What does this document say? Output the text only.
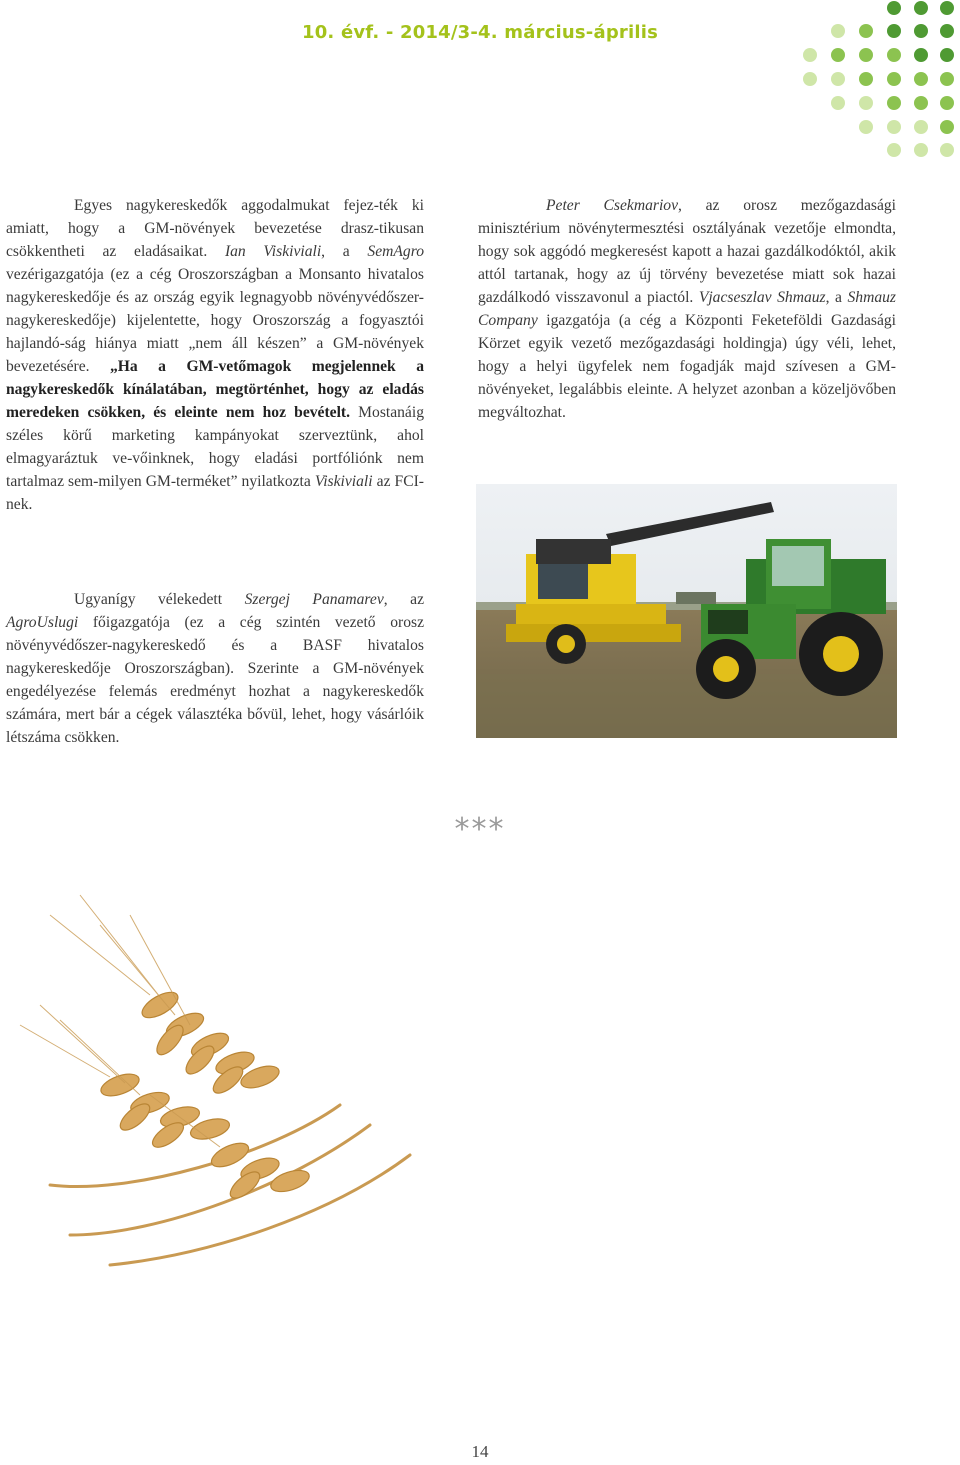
10. évf. - 2014/3-4. március-április

Egyes nagykereskedők aggodalmukat fejez-ték ki amiatt, hogy a GM-növények bevezetése drasz-tikusan csökkentheti az eladásaikat. Ian Viskiviali, a SemAgro vezérigazgatója (ez a cég Oroszországban a Monsanto hivatalos nagykereskedője és az ország egyik legnagyobb növényvédőszer-nagykereskedője) kijelentette, hogy Oroszország a fogyasztói hajlandó-ság hiánya miatt „nem áll készen” a GM-növények bevezetésére. „Ha a GM-vetőmagok megjelennek a nagykereskedők kínálatában, megtörténhet, hogy az eladás meredeken csökken, és eleinte nem hoz bevételt. Mostanáig széles körű marketing kampányokat szerveztünk, ahol elmagyaráztuk ve-vőinknek, hogy eladási portfóliónk nem tartalmaz sem-milyen GM-terméket” nyilatkozta Viskiviali az FCI-nek.

Ugyanígy vélekedett Szergej Panamarev, az AgroUslugi főigazgatója (ez a cég szintén vezető orosz növényvédőszer-nagykereskedő és a BASF hivatalos nagykereskedője Oroszországban). Szerinte a GM-növények engedélyezése felemás eredményt hozhat a nagykereskedők számára, mert bár a cégek választéka bővül, lehet, hogy vásárlóik létszáma csökken.

Peter Csekmariov, az orosz mezőgazdasági minisztérium növénytermesztési osztályának vezetője elmondta, hogy sok aggódó megkeresést kapott a hazai gazdálkodóktól, akik attól tartanak, hogy az új törvény bevezetése miatt sok hazai gazdálkodó visszavonul a piactól. Vjacseszlav Shmauz, a Shmauz Company igazgatója (a cég a Központi Feketeföldi Gazdasági Körzet egyik vezető mezőgazdasági holdingja) úgy véli, lehet, hogy a helyi ügyfelek nem fogadják majd szívesen a GM-növényeket, legalábbis eleinte. A helyzet azonban a közeljövőben megváltozhat.

***
14
